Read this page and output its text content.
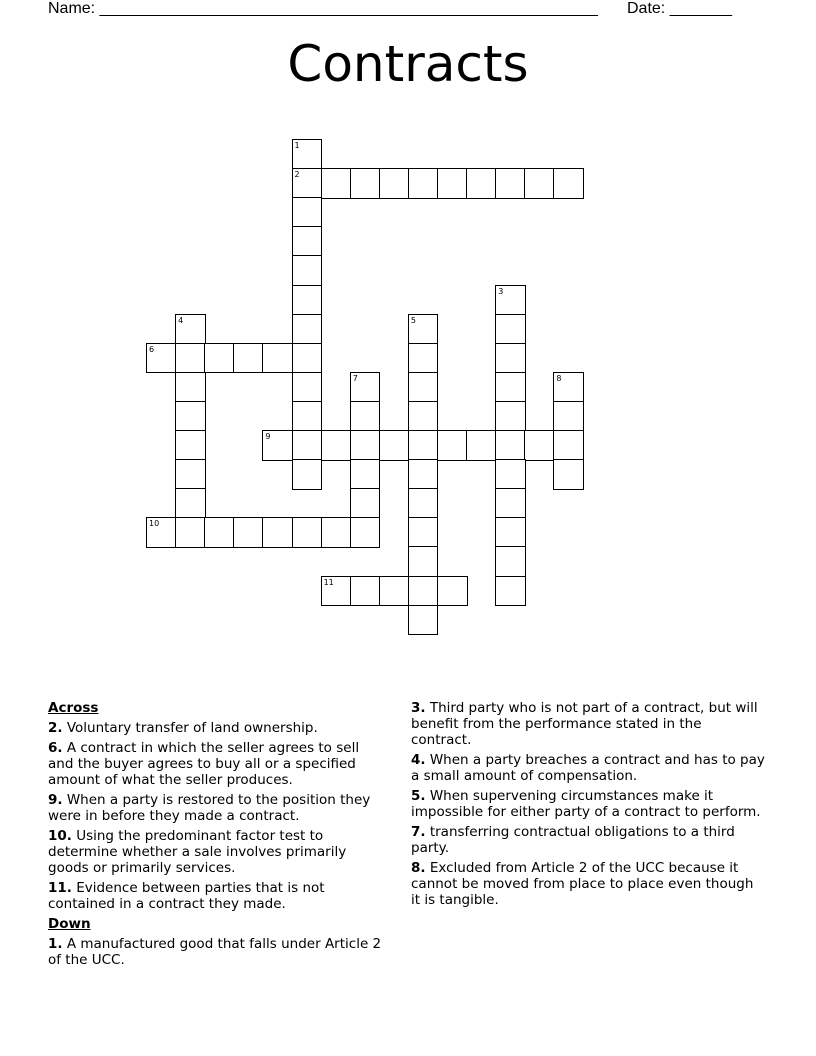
Name: ________________________________________________________ Date: _______
Contracts
1
2
3
4	5
6
7	8
9
10
11
Across
2. Voluntary transfer of land ownership.
6. A contract in which the seller agrees to sell and the buyer agrees to buy all or a specified amount of what the seller produces.
9. When a party is restored to the position they were in before they made a contract.
10. Using the predominant factor test to determine whether a sale involves primarily goods or primarily services.
11. Evidence between parties that is not contained in a contract they made.
Down
1. A manufactured good that falls under Article 2 of the UCC.
3. Third party who is not part of a contract, but will benefit from the performance stated in the contract.
4. When a party breaches a contract and has to pay a small amount of compensation.
5. When supervening circumstances make it impossible for either party of a contract to perform.
7. transferring contractual obligations to a third party.
8. Excluded from Article 2 of the UCC because it cannot be moved from place to place even though it is tangible.
